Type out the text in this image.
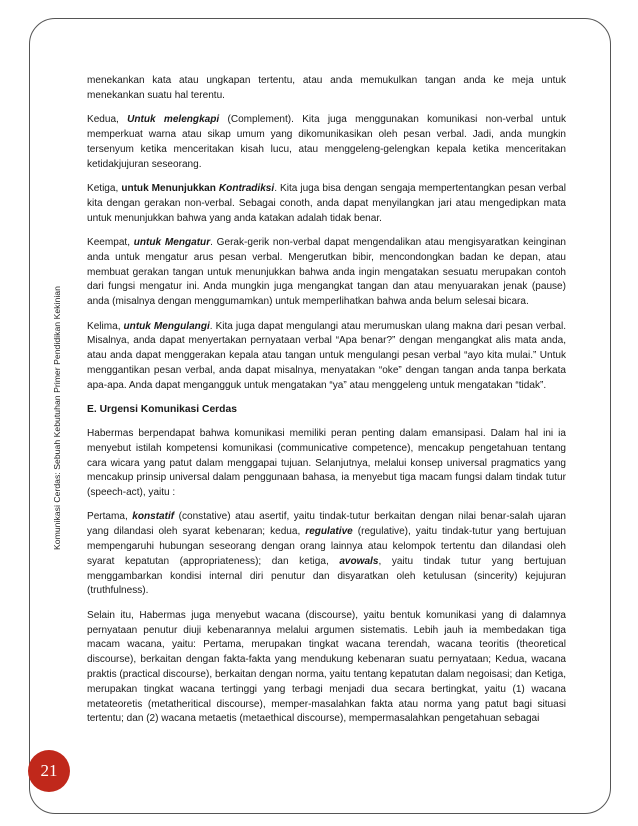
Komunikasi Cerdas: Sebuah Kebutuhan Primer Pendidikan Kekinian
21

menekankan kata atau ungkapan tertentu, atau anda memukulkan tangan anda ke meja untuk menekankan suatu hal terentu.

Kedua, Untuk melengkapi (Complement). Kita juga menggunakan komunikasi non-verbal untuk memperkuat warna atau sikap umum yang dikomunikasikan oleh pesan verbal. Jadi, anda mungkin tersenyum ketika menceritakan kisah lucu, atau menggeleng-gelengkan kepala ketika menceritakan ketidakjujuran seseorang.

Ketiga, untuk Menunjukkan Kontradiksi. Kita juga bisa dengan sengaja mempertentangkan pesan verbal kita dengan gerakan non-verbal. Sebagai conoth, anda dapat menyilangkan jari atau mengedipkan mata untuk menunjukkan bahwa yang anda katakan adalah tidak benar.

Keempat, untuk Mengatur. Gerak-gerik non-verbal dapat mengendalikan atau mengisyaratkan keinginan anda untuk mengatur arus pesan verbal. Mengerutkan bibir, mencondongkan badan ke depan, atau membuat gerakan tangan untuk menunjukkan bahwa anda ingin mengatakan sesuatu merupakan contoh dari fungsi mengatur ini. Anda mungkin juga mengangkat tangan dan atau menyuarakan jenak (pause) anda (misalnya dengan menggumamkan) untuk memperlihatkan bahwa anda belum selesai bicara.

Kelima, untuk Mengulangi. Kita juga dapat mengulangi atau merumuskan ulang makna dari pesan verbal. Misalnya, anda dapat menyertakan pernyataan verbal “Apa benar?” dengan mengangkat alis mata anda, atau anda dapat menggerakan kepala atau tangan untuk mengulangi pesan verbal “ayo kita mulai.” Untuk menggantikan pesan verbal, anda dapat misalnya, menyatakan “oke” dengan tangan anda tanpa berkata apa-apa. Anda dapat mengangguk untuk mengatakan “ya” atau menggeleng untuk mengatakan “tidak”.

E. Urgensi Komunikasi Cerdas

Habermas berpendapat bahwa komunikasi memiliki peran penting dalam emansipasi. Dalam hal ini ia menyebut istilah kompetensi komunikasi (communicative competence), mencakup pengetahuan tentang cara wicara yang patut dalam menggapai tujuan. Selanjutnya, melalui konsep universal pragmatics yang mencakup prinsip universal dalam penggunaan bahasa, ia menyebut tiga macam fungsi dalam tindak tutur (speech-act), yaitu :

Pertama, konstatif (constative) atau asertif, yaitu tindak-tutur berkaitan dengan nilai benar-salah ujaran yang dilandasi oleh syarat kebenaran; kedua, regulative (regulative), yaitu tindak-tutur yang bertujuan mempengaruhi hubungan seseorang dengan orang lainnya atau kelompok tertentu dan dilandasi oleh syarat kepatutan (appropriateness); dan ketiga, avowals, yaitu tindak tutur yang bertujuan menggambarkan kondisi internal diri penutur dan disyaratkan oleh ketulusan (sincerity) kejujuran (truthfulness).

Selain itu, Habermas juga menyebut wacana (discourse), yaitu bentuk komunikasi yang di dalamnya pernyataan penutur diuji kebenarannya melalui argumen sistematis. Lebih jauh ia membedakan tiga macam wacana, yaitu: Pertama, merupakan tingkat wacana terendah, wacana teoritis (theoretical discourse), berkaitan dengan fakta-fakta yang mendukung kebenaran suatu pernyataan; Kedua, wacana praktis (practical discourse), berkaitan dengan norma, yaitu tentang kepatutan dalam negoisasi; dan Ketiga, merupakan tingkat wacana tertinggi yang terbagi menjadi dua secara bertingkat, yaitu (1) wacana metateoretis (metatheritical discourse), memper-masalahkan fakta atau norma yang patut bagi situasi tertentu; dan (2) wacana metaetis (metaethical discourse), mempermasalahkan pengetahuan sebagai
